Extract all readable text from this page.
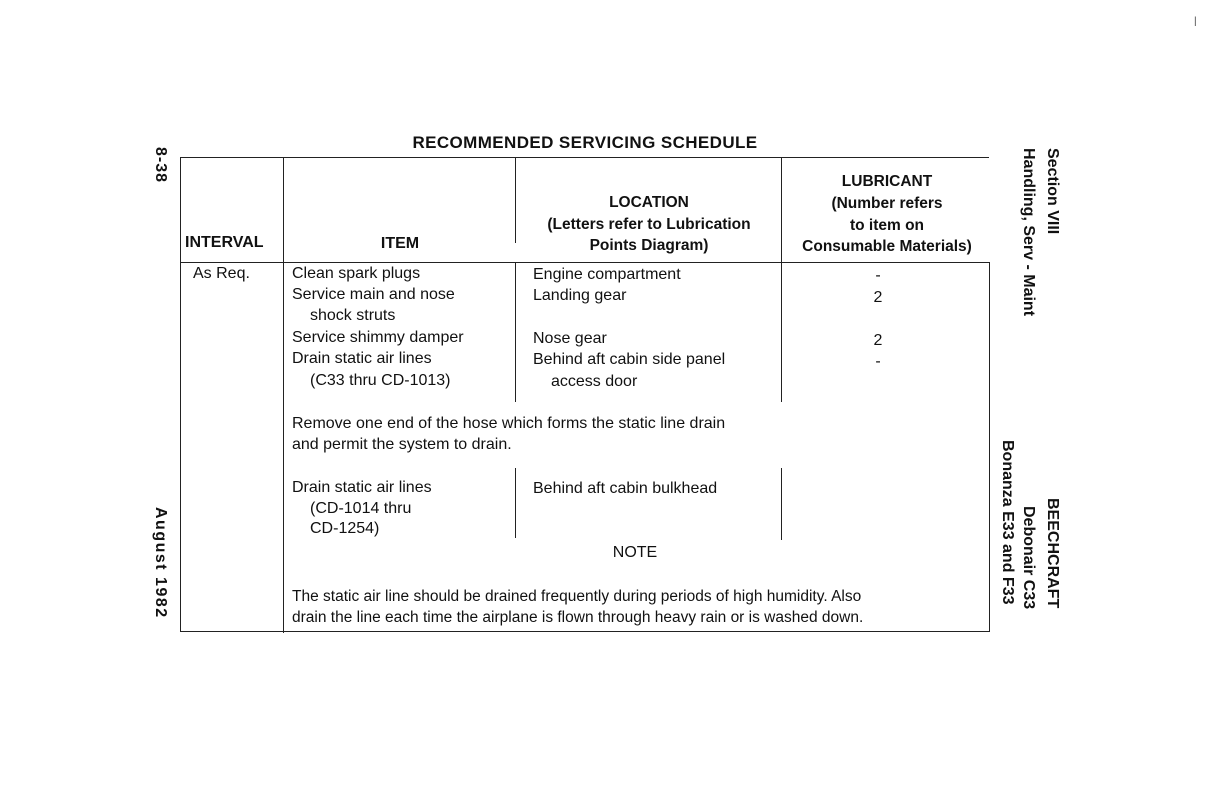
|
RECOMMENDED SERVICING SCHEDULE
8-38
August 1982
Section VIII
Handling, Serv - Maint
BEECHCRAFT
Debonair C33
Bonanza E33 and F33
INTERVAL	ITEM
LOCATION
(Letters refer to Lubrication
Points Diagram)
LUBRICANT
(Number refers
to item on
Consumable Materials)
As Req.	Clean spark plugs
Service main and nose
shock struts
Service shimmy damper
Drain static air lines
(C33 thru CD-1013)
Engine compartment
Landing gear
Nose gear
Behind aft cabin side panel
access door
-
2
2
-
Remove one end of the hose which forms the static line drain
and permit the system to drain.
Drain static air lines
(CD-1014 thru
CD-1254)
Behind aft cabin bulkhead
NOTE
The static air line should be drained frequently during periods of high humidity. Also
drain the line each time the airplane is flown through heavy rain or is washed down.
